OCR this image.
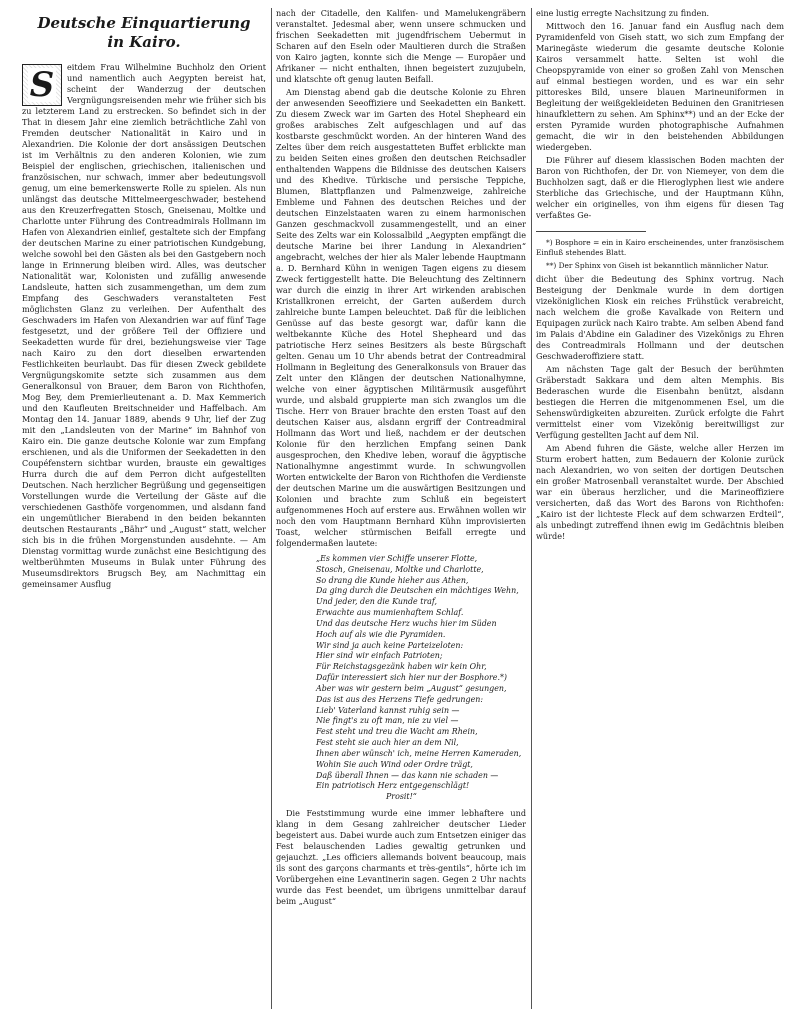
Deutsche Einquartierung
in Kairo.
S	eitdem Frau Wilhelmine Buchholz den Orient und namentlich auch Aegypten bereist hat, scheint der Wanderzug der deutschen Vergnügungsreisenden mehr wie früher sich bis zu letzterem Land zu erstrecken. So befindet sich in der That in diesem Jahr eine ziemlich beträchtliche Zahl von Fremden deutscher Nationalität in Kairo und in Alexandrien. Die Kolonie der dort ansässigen Deutschen ist im Verhältnis zu den anderen Kolonien, wie zum Beispiel der englischen, griechischen, italienischen und französischen, nur schwach, immer aber bedeutungsvoll genug, um eine bemerkenswerte Rolle zu spielen. Als nun unlängst das deutsche Mittelmeergeschwader, bestehend aus den Kreuzerfregatten Stosch, Gneisenau, Moltke und Charlotte unter Führung des Contreadmirals Hollmann im Hafen von Alexandrien einlief, gestaltete sich der Empfang der deutschen Marine zu einer patriotischen Kundgebung, welche sowohl bei den Gästen als bei den Gastgebern noch lange in Erinnerung bleiben wird. Alles, was deutscher Nationalität war, Kolonisten und zufällig anwesende Landsleute, hatten sich zusammengethan, um dem zum Empfang des Geschwaders veranstalteten Fest möglichsten Glanz zu verleihen. Der Aufenthalt des Geschwaders im Hafen von Alexandrien war auf fünf Tage festgesetzt, und der größere Teil der Offiziere und Seekadetten wurde für drei, beziehungsweise vier Tage nach Kairo zu den dort dieselben erwartenden Festlichkeiten beurlaubt. Das für diesen Zweck gebildete Vergnügungskomite setzte sich zusammen aus dem Generalkonsul von Brauer, dem Baron von Richthofen, Mog Bey, dem Premierlieutenant a. D. Max Kemmerich und den Kaufleuten Breitschneider und Haffelbach. Am Montag den 14. Januar 1889, abends 9 Uhr, lief der Zug mit den „Landsleuten von der Marine“ im Bahnhof von Kairo ein. Die ganze deutsche Kolonie war zum Empfang erschienen, und als die Uniformen der Seekadetten in den Coupéfenstern sichtbar wurden, brauste ein gewaltiges Hurra durch die auf dem Perron dicht aufgestellten Deutschen. Nach herzlicher Begrüßung und gegenseitigen Vorstellungen wurde die Verteilung der Gäste auf die verschiedenen Gasthöfe vorgenommen, und alsdann fand ein ungemütlicher Bierabend in den beiden bekannten deutschen Restaurants „Bähr“ und „August“ statt, welcher sich bis in die frühen Morgenstunden ausdehnte. — Am Dienstag vormittag wurde zunächst eine Besichtigung des weltberühmten Museums in Bulak unter Führung des Museumsdirektors Brugsch Bey, am Nachmittag ein gemeinsamer Ausflug

nach der Citadelle, den Kalifen- und Mamelukengräbern veranstaltet. Jedesmal aber, wenn unsere schmucken und frischen Seekadetten mit jugendfrischem Uebermut in Scharen auf den Eseln oder Maultieren durch die Straßen von Kairo jagten, konnte sich die Menge — Europäer und Afrikaner — nicht enthalten, ihnen begeistert zuzujubeln, und klatschte oft genug lauten Beifall.

Am Dienstag abend gab die deutsche Kolonie zu Ehren der anwesenden Seeoffiziere und Seekadetten ein Bankett. Zu diesem Zweck war im Garten des Hotel Shepheard ein großes arabisches Zelt aufgeschlagen und auf das kostbarste geschmückt worden. An der hinteren Wand des Zeltes über dem reich ausgestatteten Buffet erblickte man zu beiden Seiten eines großen den deutschen Reichsadler enthaltenden Wappens die Bildnisse des deutschen Kaisers und des Khedive. Türkische und persische Teppiche, Blumen, Blattpflanzen und Palmenzweige, zahlreiche Embleme und Fahnen des deutschen Reiches und der deutschen Einzelstaaten waren zu einem harmonischen Ganzen geschmackvoll zusammengestellt, und an einer Seite des Zelts war ein Kolossalbild „Aegypten empfängt die deutsche Marine bei ihrer Landung in Alexandrien“ angebracht, welches der hier als Maler lebende Hauptmann a. D. Bernhard Kühn in wenigen Tagen eigens zu diesem Zweck fertiggestellt hatte. Die Beleuchtung des Zeltinnern war durch die einzig in ihrer Art wirkenden arabischen Kristallkronen erreicht, der Garten außerdem durch zahlreiche bunte Lampen beleuchtet. Daß für die leiblichen Genüsse auf das beste gesorgt war, dafür kann die weltbekannte Küche des Hotel Shepheard und das patriotische Herz seines Besitzers als beste Bürgschaft gelten. Genau um 10 Uhr abends betrat der Contreadmiral Hollmann in Begleitung des Generalkonsuls von Brauer das Zelt unter den Klängen der deutschen Nationalhymne, welche von einer ägyptischen Militärmusik ausgeführt wurde, und alsbald gruppierte man sich zwanglos um die Tische. Herr von Brauer brachte den ersten Toast auf den deutschen Kaiser aus, alsdann ergriff der Contreadmiral Hollmann das Wort und ließ, nachdem er der deutschen Kolonie für den herzlichen Empfang seinen Dank ausgesprochen, den Khedive leben, worauf die ägyptische Nationalhymne angestimmt wurde. In schwungvollen Worten entwickelte der Baron von Richthofen die Verdienste der deutschen Marine um die auswärtigen Besitzungen und Kolonien und brachte zum Schluß ein begeistert aufgenommenes Hoch auf erstere aus. Erwähnen wollen wir noch den vom Hauptmann Bernhard Kühn improvisierten Toast, welcher stürmischen Beifall erregte und folgendermaßen lautete:

„Es kommen vier Schiffe unserer Flotte,
Stosch, Gneisenau, Moltke und Charlotte,
So drang die Kunde hieher aus Athen,
Da ging durch die Deutschen ein mächtiges Wehn,
Und jeder, den die Kunde traf,
Erwachte aus mumienhaftem Schlaf.
Und das deutsche Herz wuchs hier im Süden
Hoch auf als wie die Pyramiden.
Wir sind ja auch keine Parteizeloten:
Hier sind wir einfach Patrioten;
Für Reichstagsgezänk haben wir kein Ohr,
Dafür interessiert sich hier nur der Bosphore.*)
Aber was wir gestern beim „August“ gesungen,
Das ist aus des Herzens Tiefe gedrungen:
Lieb' Vaterland kannst ruhig sein —
Nie fingt's zu oft man, nie zu viel —
Fest steht und treu die Wacht am Rhein,
Fest steht sie auch hier an dem Nil,
Ihnen aber wünsch' ich, meine Herren Kameraden,
Wohin Sie auch Wind oder Ordre trägt,
Daß überall Ihnen — das kann nie schaden —
Ein patriotisch Herz entgegenschlägt!
Prosit!“

Die Feststimmung wurde eine immer lebhaftere und klang in dem Gesang zahlreicher deutscher Lieder begeistert aus. Dabei wurde auch zum Entsetzen einiger das Fest belauschenden Ladies gewaltig getrunken und gejauchzt. „Les officiers allemands boivent beaucoup, mais ils sont des garçons charmants et très-gentils“, hörte ich im Vorübergehen eine Levantinerin sagen. Gegen 2 Uhr nachts wurde das Fest beendet, um übrigens unmittelbar darauf beim „August“

eine lustig erregte Nachsitzung zu finden.

Mittwoch den 16. Januar fand ein Ausflug nach dem Pyramidenfeld von Giseh statt, wo sich zum Empfang der Marinegäste wiederum die gesamte deutsche Kolonie Kairos versammelt hatte. Selten ist wohl die Cheopspyramide von einer so großen Zahl von Menschen auf einmal bestiegen worden, und es war ein sehr pittoreskes Bild, unsere blauen Marineuniformen in Begleitung der weißgekleideten Beduinen den Granitriesen hinaufklettern zu sehen. Am Sphinx**) und an der Ecke der ersten Pyramide wurden photographische Aufnahmen gemacht, die wir in den beistehenden Abbildungen wiedergeben.

Die Führer auf diesem klassischen Boden machten der Baron von Richthofen, der Dr. von Niemeyer, von dem die Buchholzen sagt, daß er die Hieroglyphen liest wie andere Sterbliche das Griechische, und der Hauptmann Kühn, welcher ein originelles, von ihm eigens für diesen Tag verfaßtes Ge-

*) Bosphore = ein in Kairo erscheinendes, unter französischem Einfluß stehendes Blatt.

**) Der Sphinx von Giseh ist bekanntlich männlicher Natur.

dicht über die Bedeutung des Sphinx vortrug. Nach Besteigung der Denkmale wurde in dem dortigen vizeköniglichen Kiosk ein reiches Frühstück verabreicht, nach welchem die große Kavalkade von Reitern und Equipagen zurück nach Kairo trabte. Am selben Abend fand im Palais d'Abdine ein Galadiner des Vizekönigs zu Ehren des Contreadmirals Hollmann und der deutschen Geschwaderoffiziere statt.

Am nächsten Tage galt der Besuch der berühmten Gräberstadt Sakkara und dem alten Memphis. Bis Bederaschen wurde die Eisenbahn benützt, alsdann bestiegen die Herren die mitgenommenen Esel, um die Sehenswürdigkeiten abzureiten. Zurück erfolgte die Fahrt vermittelst einer vom Vizekönig bereitwilligst zur Verfügung gestellten Jacht auf dem Nil.

Am Abend fuhren die Gäste, welche aller Herzen im Sturm erobert hatten, zum Bedauern der Kolonie zurück nach Alexandrien, wo von seiten der dortigen Deutschen ein großer Matrosenball veranstaltet wurde. Der Abschied war ein überaus herzlicher, und die Marineoffiziere versicherten, daß das Wort des Barons von Richthofen: „Kairo ist der lichteste Fleck auf dem schwarzen Erdteil“, als unbedingt zutreffend ihnen ewig im Gedächtnis bleiben würde!
